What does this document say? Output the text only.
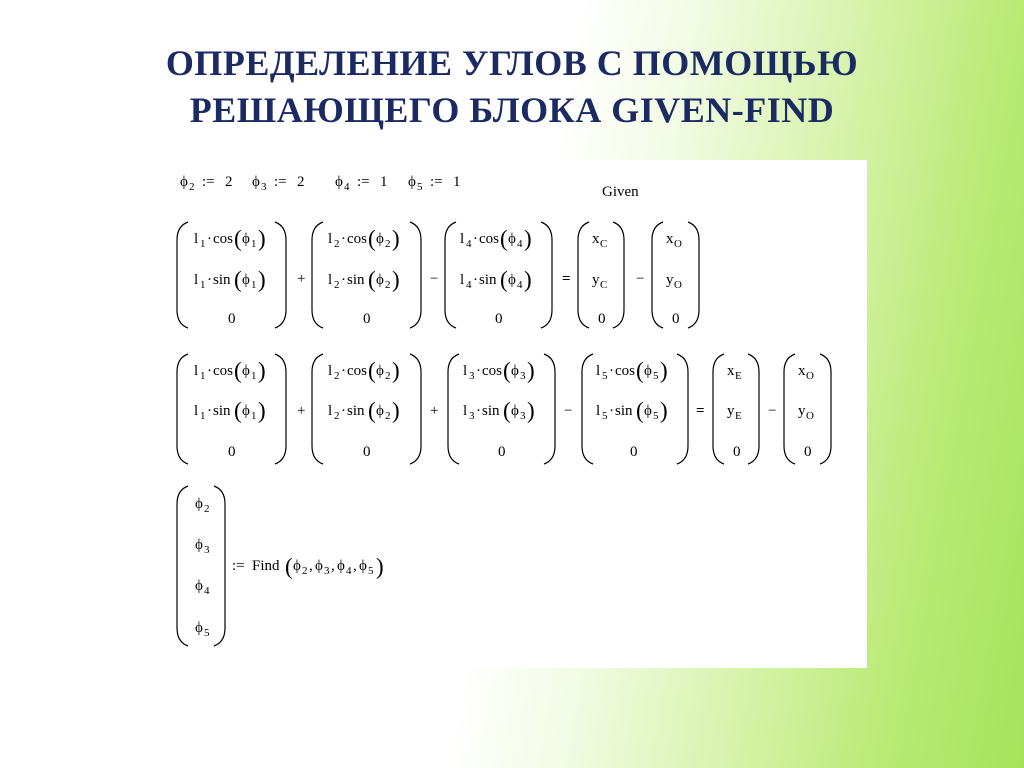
ОПРЕДЕЛЕНИЕ УГЛОВ С ПОМОЩЬЮ
РЕШАЮЩЕГО БЛОКА GIVEN-FIND
ϕ 2 := 2 ϕ 3 := 2 ϕ 4 := 1 ϕ 5 := 1
Given
l 1 · cos ( ϕ 1 )
l 1 · sin ( ϕ 1 )
0
+
l 2 · cos ( ϕ 2 )
l 2 · sin ( ϕ 2 )
0
−
l 4 · cos ( ϕ 4 )
l 4 · sin ( ϕ 4 )
0
=
x C
y C
0
−
x O
y O
0
l 1 · cos ( ϕ 1 )
l 1 · sin ( ϕ 1 )
0
+
l 2 · cos ( ϕ 2 )
l 2 · sin ( ϕ 2 )
0
+
l 3 · cos ( ϕ 3 )
l 3 · sin ( ϕ 3 )
0
−
l 5 · cos ( ϕ 5 )
l 5 · sin ( ϕ 5 )
0
=
x E
y E
0
−
x O
y O
0
ϕ 2
ϕ 3
ϕ 4
ϕ 5
:= Find ( ϕ 2 , ϕ 3 , ϕ 4 , ϕ 5 )
